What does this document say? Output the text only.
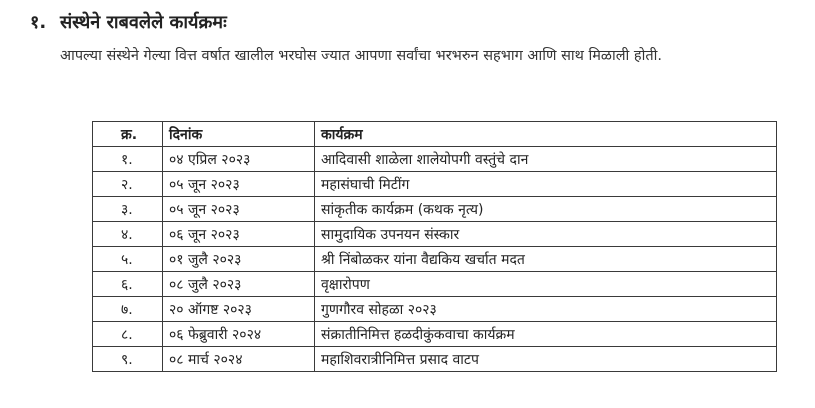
१. संस्थेने राबवलेले कार्यक्रमः
आपल्या संस्थेने गेल्या वित्त वर्षात खालील भरघोस ज्यात आपणा सर्वांचा भरभरुन सहभाग आणि साथ मिळाली होती.
क्र.	दिनांक	कार्यक्रम
१.	०४ एप्रिल २०२३	आदिवासी शाळेला शालेयोपगी वस्तुंचे दान
२.	०५ जून २०२३	महासंघाची मिटींग
३.	०५ जून २०२३	सांकृतीक कार्यक्रम (कथक नृत्य)
४.	०६ जून २०२३	सामुदायिक उपनयन संस्कार
५.	०१ जुलै २०२३	श्री निंबोळकर यांना वैद्यकिय खर्चात मदत
६.	०८ जुलै २०२३	वृक्षारोपण
७.	२० ऑगष्ट २०२३	गुणगौरव सोहळा २०२३
८.	०६ फेब्रुवारी २०२४	संक्रातीनिमित्त हळदीकुंकवाचा कार्यक्रम
९.	०८ मार्च २०२४	महाशिवरात्रीनिमित्त प्रसाद वाटप
